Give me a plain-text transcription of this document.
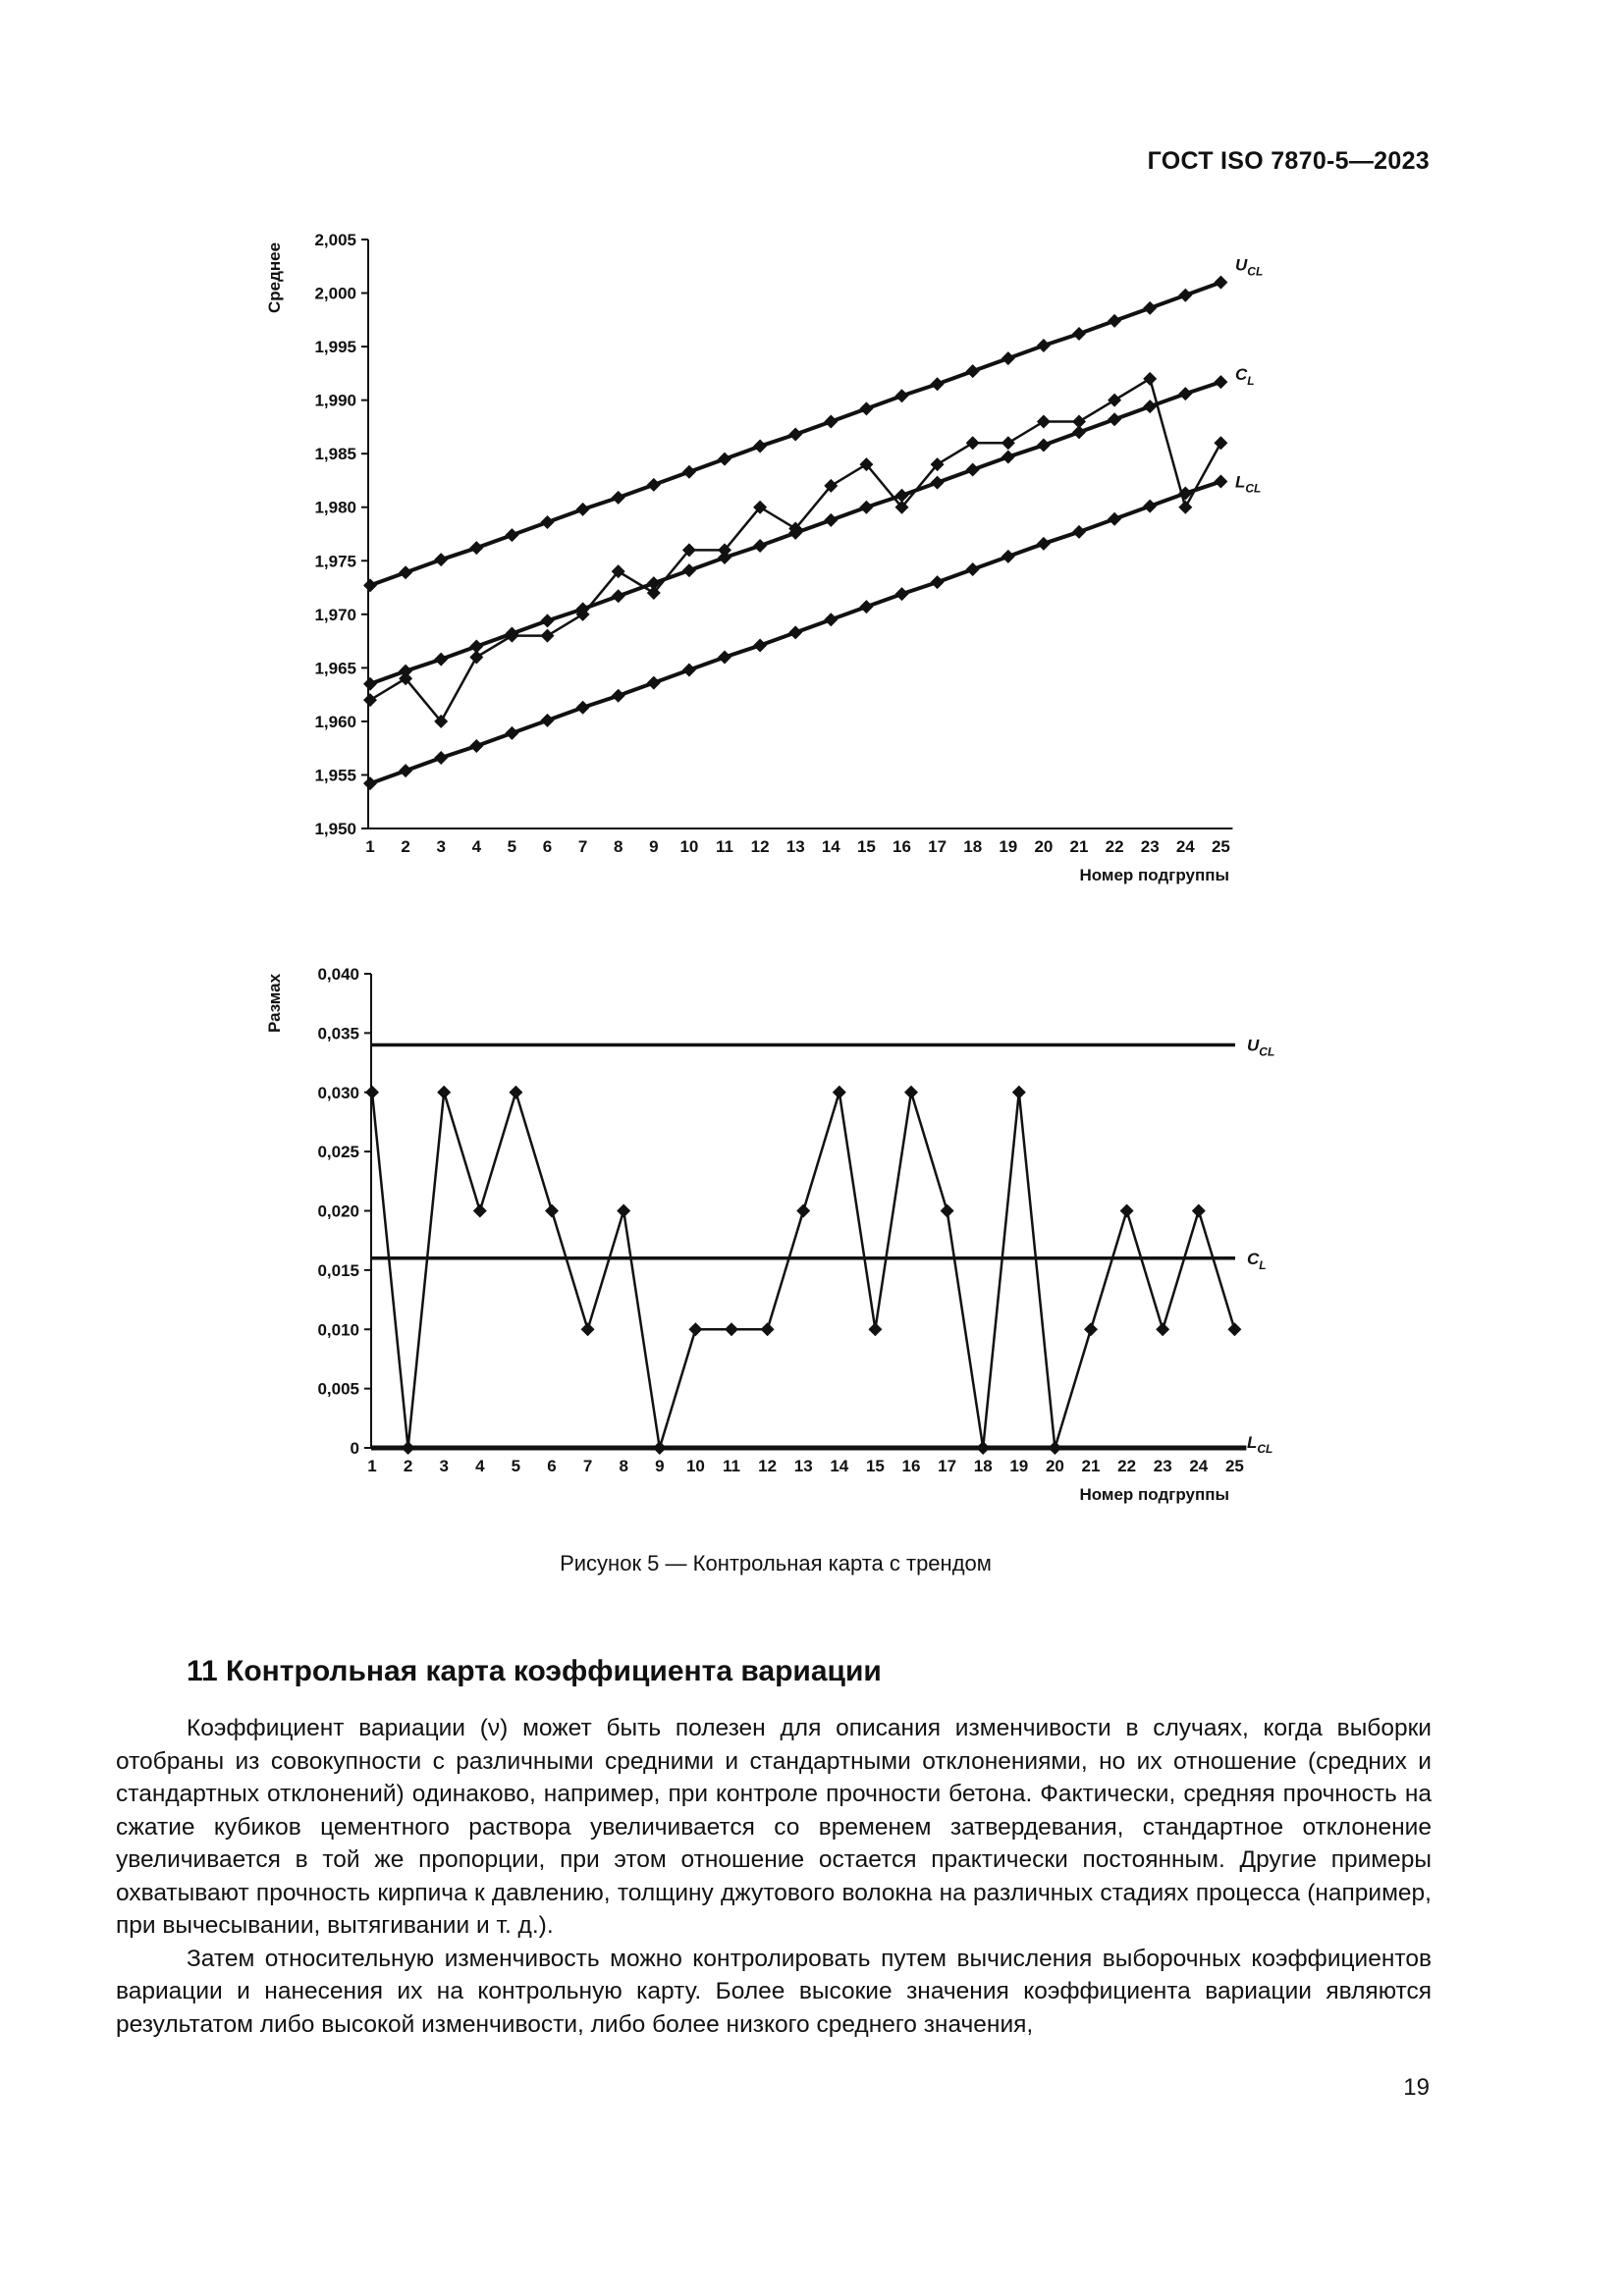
ГОСТ ISO 7870-5—2023
1,950
1,955
1,960
1,965
1,970
1,975
1,980
1,985
1,990
1,995
2,000
2,005
1 2 3 4 5 6 7 8 9 10 11 12 13 14 15 16 17 18 19 20 21 22 23 24 25
Номер подгруппы
Среднее	$U_{CL}$
$C_L$
$L_{CL}$
0
0,005
0,010
0,015
0,020
0,025
0,030
0,035
0,040
1 2 3 4 5 6 7 8 9 10 11 12 13 14 15 16 17 18 19 20 21 22 23 24 25
Номер подгруппы
Размах
$U_{CL}$
$C_L$
$L_{CL}$
Рисунок 5 — Контрольная карта с трендом
11 Контрольная карта коэффициента вариации

Коэффициент вариации (ν) может быть полезен для описания изменчивости в случаях, когда выборки отобраны из совокупности с различными средними и стандартными отклонениями, но их отношение (средних и стандартных отклонений) одинаково, например, при контроле прочности бетона. Фактически, средняя прочность на сжатие кубиков цементного раствора увеличивается со временем затвердевания, стандартное отклонение увеличивается в той же пропорции, при этом отношение остается практически постоянным. Другие примеры охватывают прочность кирпича к давлению, толщину джутового волокна на различных стадиях процесса (например, при вычесывании, вытягивании и т. д.).

Затем относительную изменчивость можно контролировать путем вычисления выборочных коэффициентов вариации и нанесения их на контрольную карту. Более высокие значения коэффициента вариации являются результатом либо высокой изменчивости, либо более низкого среднего значения,

19
